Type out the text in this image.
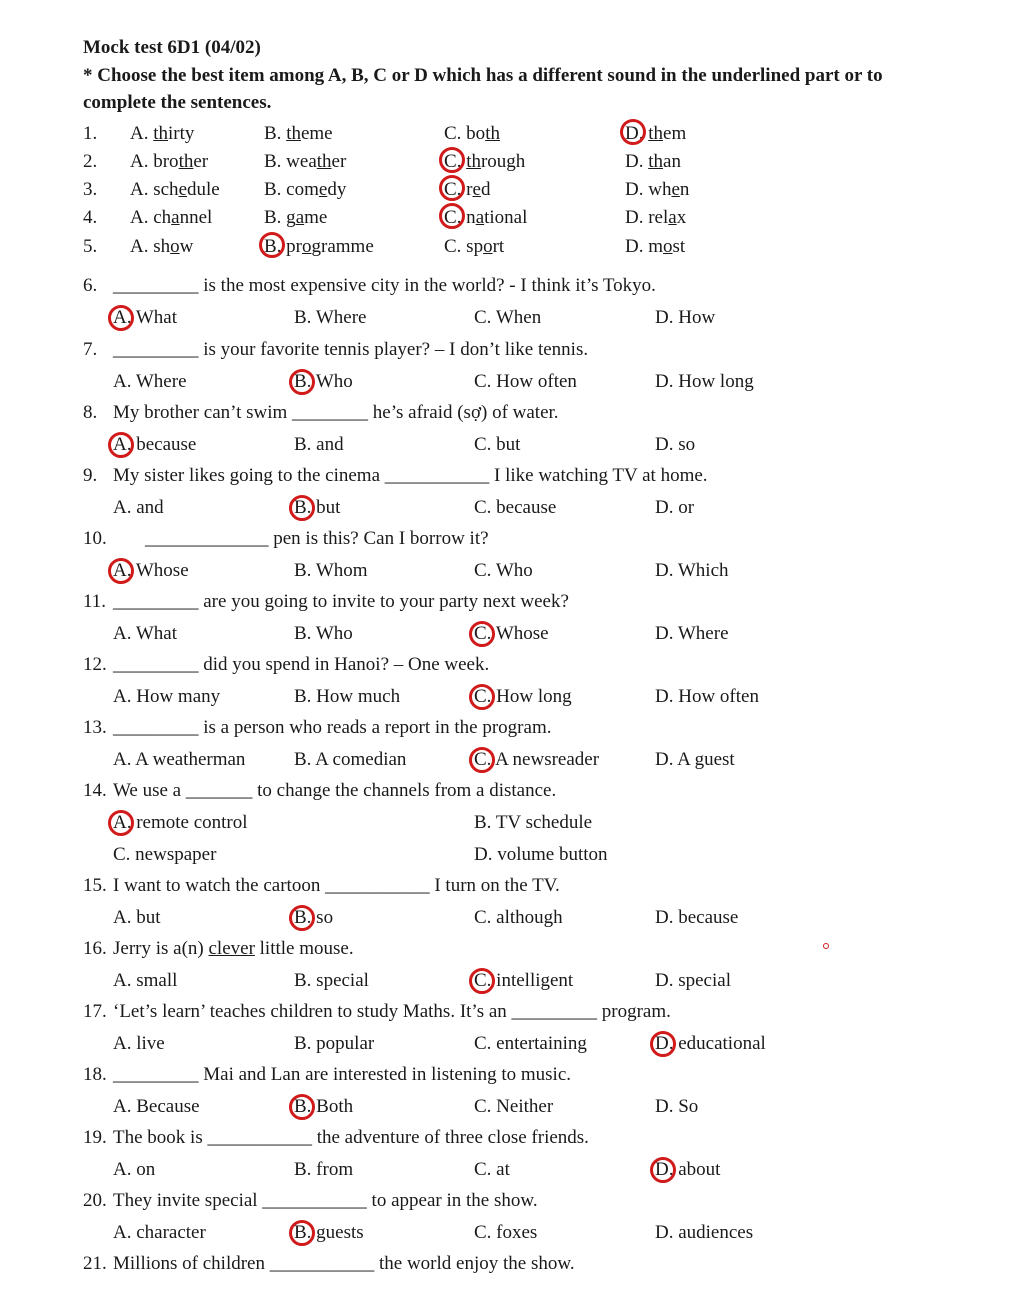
Mock test 6D1 (04/02)
* Choose the best item among A, B, C or D which has a different sound in the underlined part or to
complete the sentences.
1. A. thirty	B. theme	C. both	D. them
2. A. brother	B. weather	C. through	D. than
3. A. schedule B. comedy	C. red	D. when
4. A. channel	B. game	C. national	D. relax
5. A. show	B. programme	C. sport	D. most
6. _________ is the most expensive city in the world? - I think it’s Tokyo.
A. What	B. Where	C. When	D. How
7. _________ is your favorite tennis player? – I don’t like tennis.
A. Where	B. Who	C. How often	D. How long
8. My brother can’t swim ________ he’s afraid (sợ) of water.
A. because	B. and	C. but	D. so
9. My sister likes going to the cinema ___________ I like watching TV at home.
A. and	B. but	C. because	D. or
10. _____________ pen is this? Can I borrow it?
A. Whose	B. Whom	C. Who	D. Which
11. _________ are you going to invite to your party next week?
A. What	B. Who	C. Whose	D. Where
12. _________ did you spend in Hanoi? – One week.
A. How many	B. How much	C. How long	D. How often
13. _________ is a person who reads a report in the program.
A. A weatherman	B. A comedian	C. A newsreader	D. A guest
14. We use a _______ to change the channels from a distance.
A. remote control	B. TV schedule
C. newspaper	D. volume button
15. I want to watch the cartoon ___________ I turn on the TV.
A. but	B. so	C. although	D. because
16. Jerry is a(n) clever little mouse.
A. small	B. special	C. intelligent	D. special
17. ‘Let’s learn’ teaches children to study Maths. It’s an _________ program.
A. live	B. popular	C. entertaining	D. educational
18. _________ Mai and Lan are interested in listening to music.
A. Because	B. Both	C. Neither	D. So
19. The book is ___________ the adventure of three close friends.
A. on	B. from	C. at	D. about
20. They invite special ___________ to appear in the show.
A. character	B. guests	C. foxes	D. audiences
21. Millions of children ___________ the world enjoy the show.
